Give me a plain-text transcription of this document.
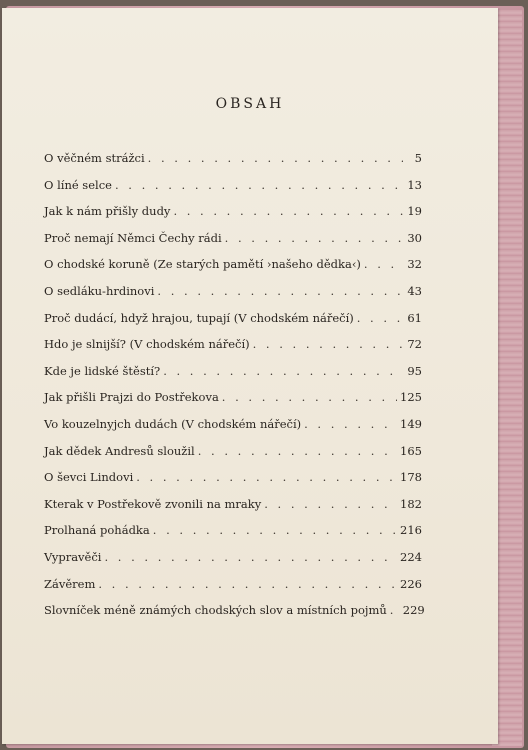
OBSAH
O věčném strážci . . .	5
O líné selce . . .	13
Jak k nám přišly dudy . . .	19
Proč nemají Němci Čechy rádi . . .	30
O chodské koruně (Ze starých pamětí ›našeho dědka‹) . . .	32
O sedláku-hrdinovi . . .	43
Proč dudácí, hdyž hrajou, tupají (V chodském nářečí) . . .	61
Hdo je slnijší? (V chodském nářečí) . . .	72
Kde je lidské štěstí? . . .	95
Jak přišli Prajzi do Postřekova . . .	125
Vo kouzelnyjch dudách (V chodském nářečí) . . .	149
Jak dědek Andresů sloužil . . .	165
O ševci Lindovi . . .	178
Kterak v Postřekově zvonili na mraky . . .	182
Prolhaná pohádka . . .	216
Vypravěči . . .	224
Závěrem . . .	226
Slovníček méně známých chodských slov a místních pojmů . . . 229
